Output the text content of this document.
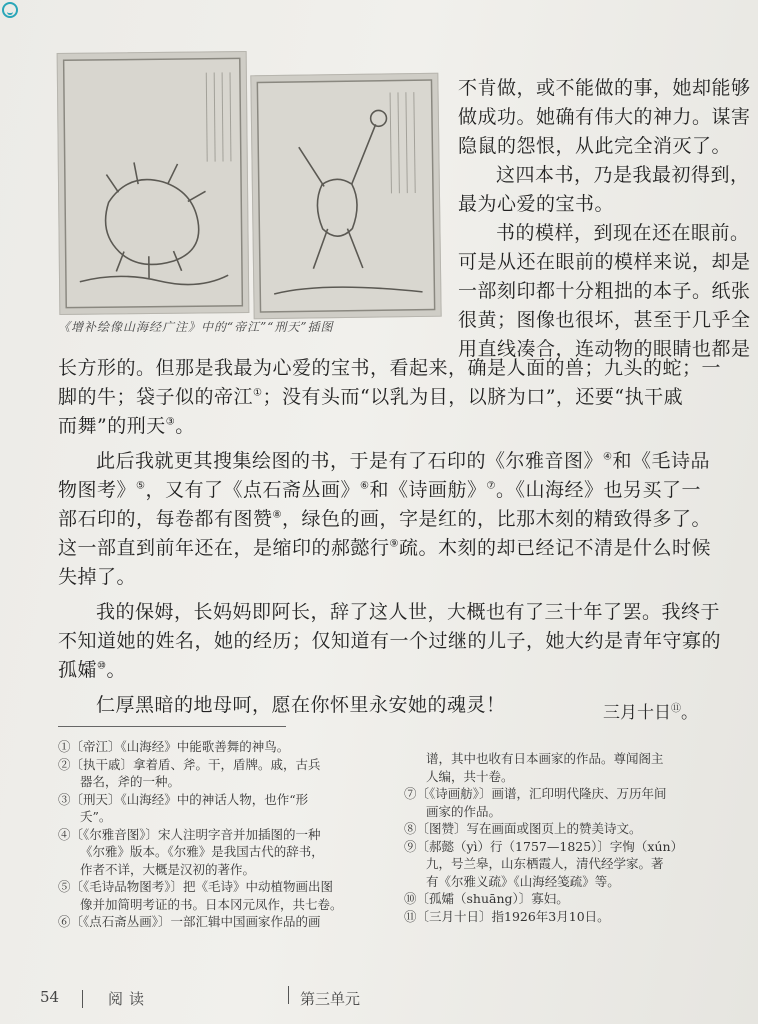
《增补绘像山海经广注》中的“帝江”“刑天”插图
不肯做，或不能做的事，她却能够
做成功。她确有伟大的神力。谋害
隐鼠的怨恨，从此完全消灭了。
这四本书，乃是我最初得到，
最为心爱的宝书。
书的模样，到现在还在眼前。
可是从还在眼前的模样来说，却是
一部刻印都十分粗拙的本子。纸张
很黄；图像也很坏，甚至于几乎全
用直线凑合，连动物的眼睛也都是
长方形的。但那是我最为心爱的宝书，看起来，确是人面的兽；九头的蛇；一
脚的牛；袋子似的帝江①；没有头而“以乳为目，以脐为口”，还要“执干戚
而舞”的刑天③。
此后我就更其搜集绘图的书，于是有了石印的《尔雅音图》④和《毛诗品
物图考》⑤，又有了《点石斋丛画》⑥和《诗画舫》⑦。《山海经》也另买了一
部石印的，每卷都有图赞⑧，绿色的画，字是红的，比那木刻的精致得多了。
这一部直到前年还在，是缩印的郝懿行⑨疏。木刻的却已经记不清是什么时候
失掉了。
我的保姆，长妈妈即阿长，辞了这人世，大概也有了三十年了罢。我终于
不知道她的姓名，她的经历；仅知道有一个过继的儿子，她大约是青年守寡的
孤孀⑩。
仁厚黑暗的地母呵，愿在你怀里永安她的魂灵！	三月十日⑪。
①〔帝江〕《山海经》中能歌善舞的神鸟。
②〔执干戚〕拿着盾、斧。干，盾牌。戚，古兵
器名，斧的一种。
③〔刑天〕《山海经》中的神话人物，也作“形
夭”。
④〔《尔雅音图》〕宋人注明字音并加插图的一种
《尔雅》版本。《尔雅》是我国古代的辞书，
作者不详，大概是汉初的著作。
⑤〔《毛诗品物图考》〕把《毛诗》中动植物画出图
像并加简明考证的书。日本冈元凤作，共七卷。
⑥〔《点石斋丛画》〕一部汇辑中国画家作品的画
谱，其中也收有日本画家的作品。尊闻阁主
人编，共十卷。
⑦〔《诗画舫》〕画谱，汇印明代隆庆、万历年间
画家的作品。
⑧〔图赞〕写在画面或图页上的赞美诗文。
⑨〔郝懿（yì）行（1757—1825）〕字恂（xún）
九，号兰皋，山东栖霞人，清代经学家。著
有《尔雅义疏》《山海经笺疏》等。
⑩〔孤孀（shuāng）〕寡妇。
⑪〔三月十日〕指1926年3月10日。
54	阅读	第三单元
